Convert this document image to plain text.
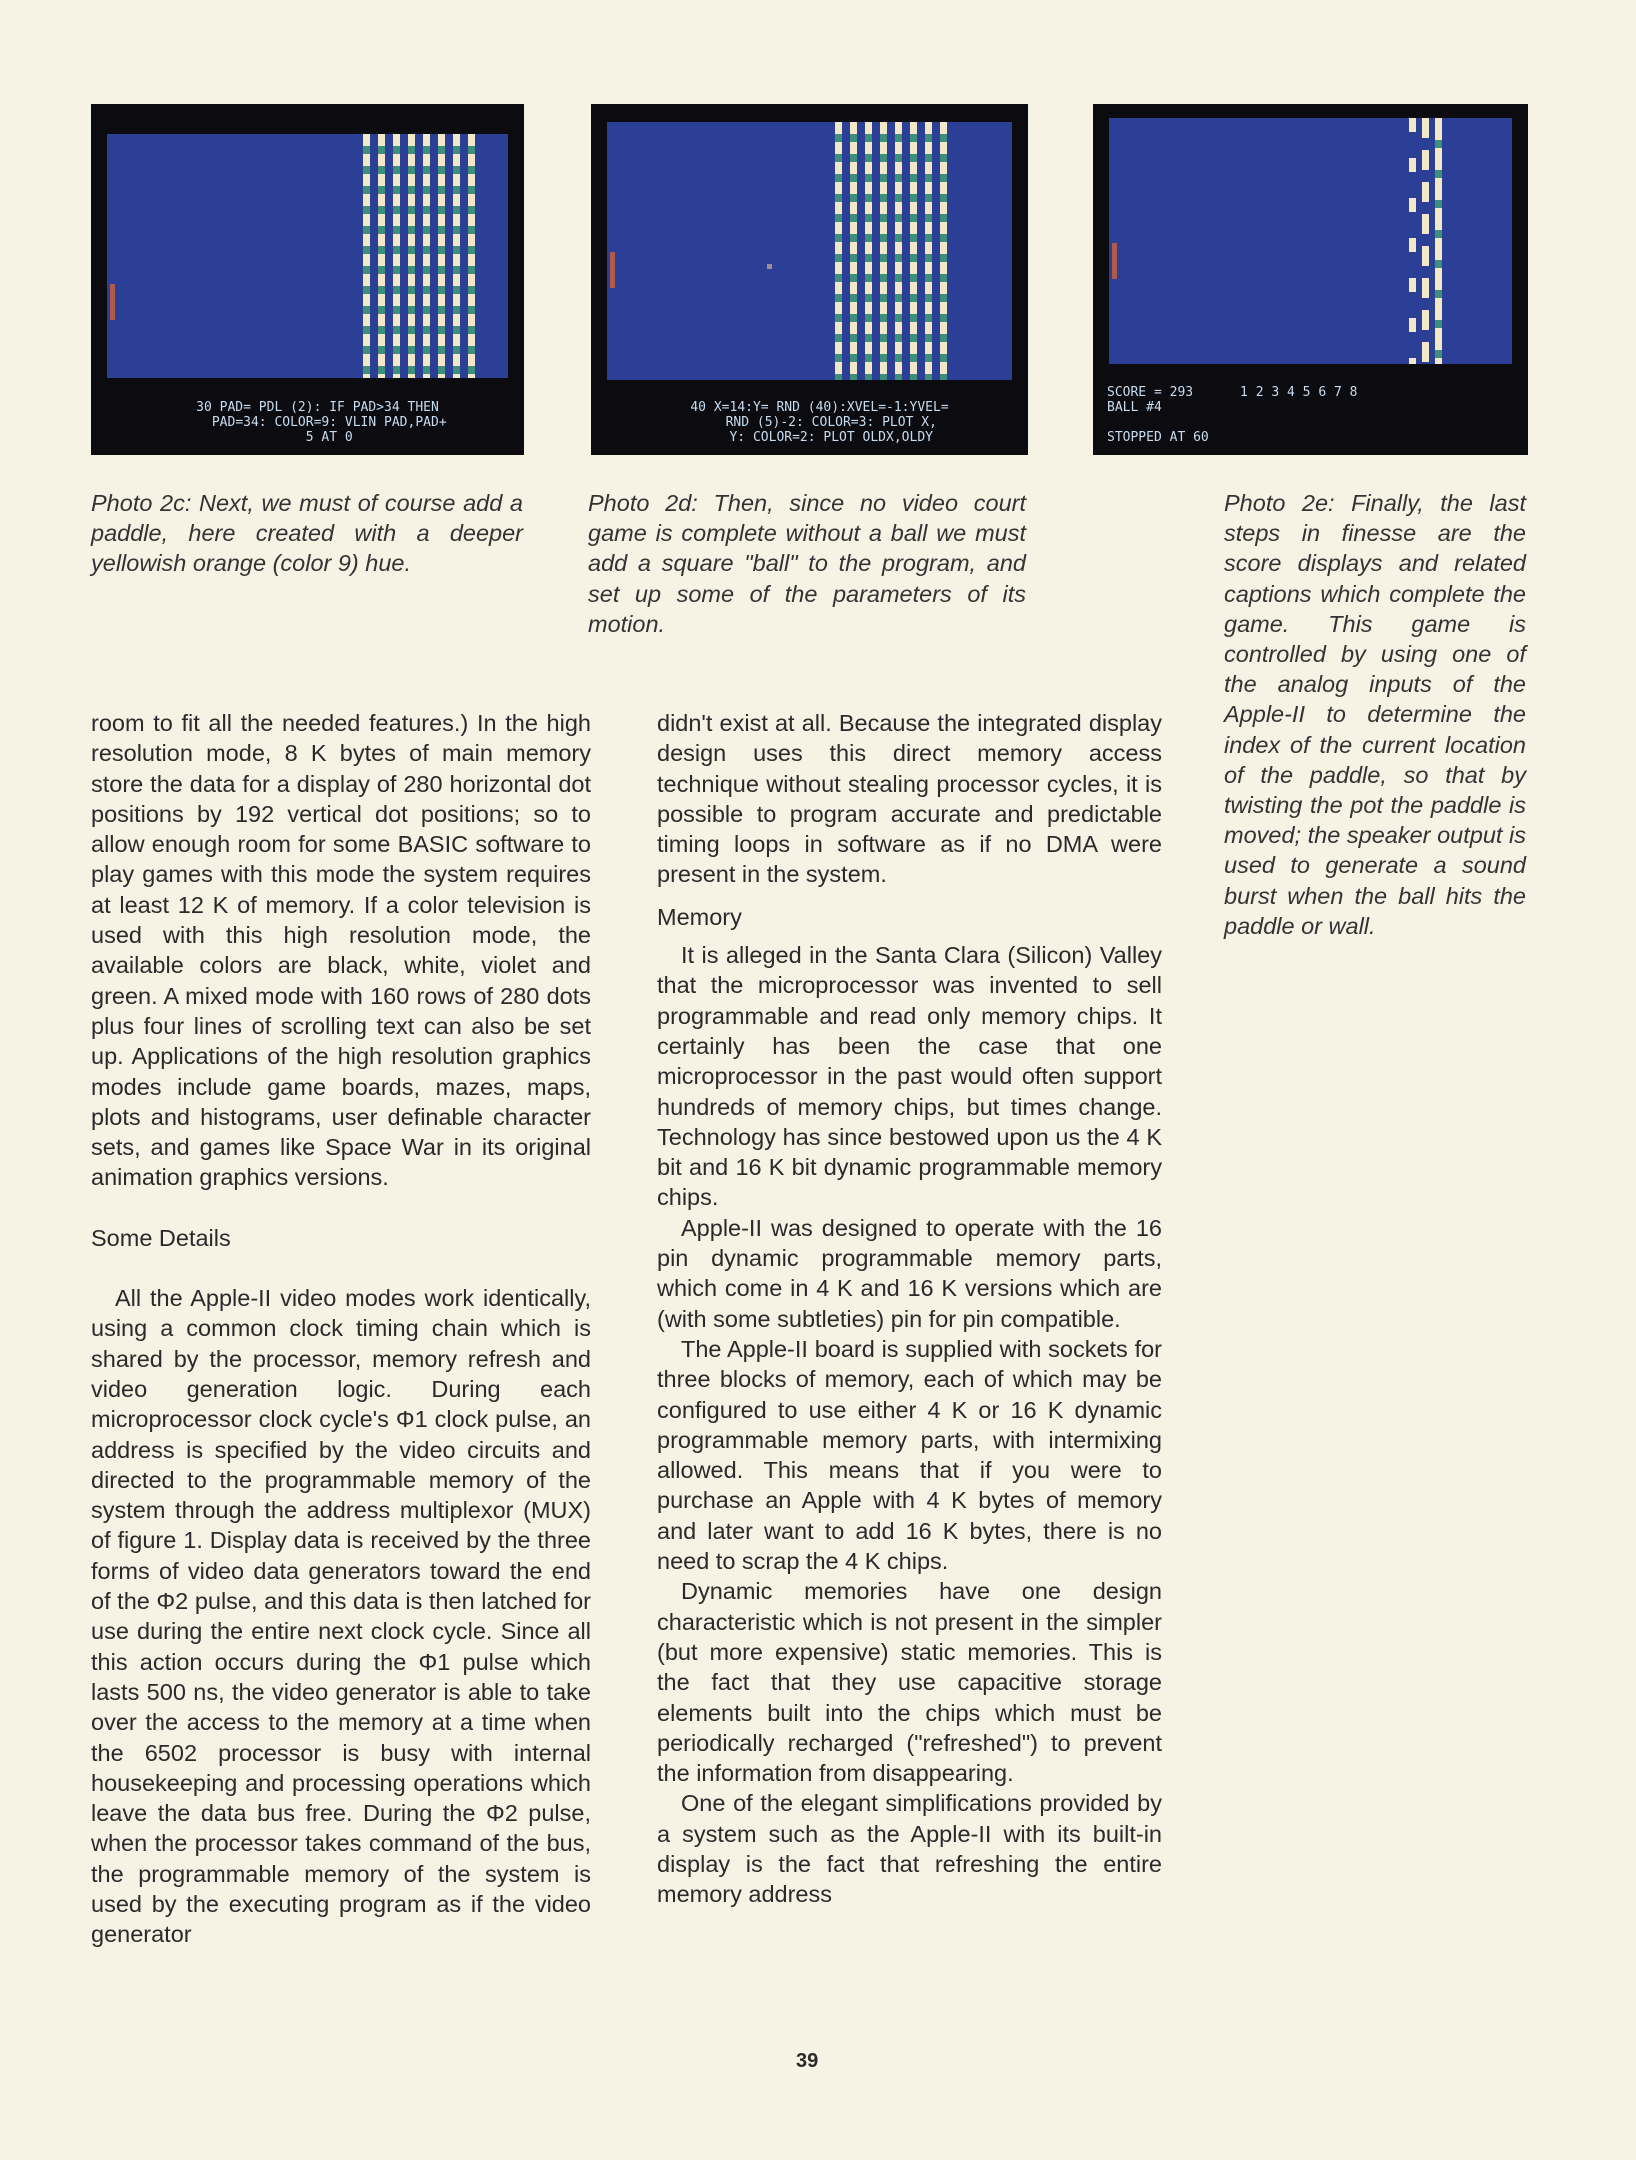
30 PAD= PDL (2): IF PAD>34 THEN
PAD=34: COLOR=9: VLIN PAD,PAD+
5 AT 0
40 X=14:Y= RND (40):XVEL=-1:YVEL=
RND (5)-2: COLOR=3: PLOT X,
Y: COLOR=2: PLOT OLDX,OLDY
SCORE = 293      1 2 3 4 5 6 7 8
BALL #4

STOPPED AT 60
Photo 2c: Next, we must of course add a paddle, here created with a deeper yellowish orange (color 9) hue.
Photo 2d: Then, since no video court game is complete without a ball we must add a square "ball" to the program, and set up some of the parameters of its motion.
Photo 2e: Finally, the last steps in finesse are the score displays and related captions which complete the game. This game is controlled by using one of the analog inputs of the Apple-II to determine the index of the current location of the paddle, so that by twisting the pot the paddle is moved; the speaker output is used to generate a sound burst when the ball hits the paddle or wall.

room to fit all the needed features.) In the high resolution mode, 8 K bytes of main memory store the data for a display of 280 horizontal dot positions by 192 vertical dot positions; so to allow enough room for some BASIC software to play games with this mode the system requires at least 12 K of memory. If a color television is used with this high resolution mode, the available colors are black, white, violet and green. A mixed mode with 160 rows of 280 dots plus four lines of scrolling text can also be set up. Applications of the high resolution graphics modes include game boards, mazes, maps, plots and histograms, user definable character sets, and games like Space War in its original animation graphics versions.

Some Details

All the Apple-II video modes work identically, using a common clock timing chain which is shared by the processor, memory refresh and video generation logic. During each microprocessor clock cycle's Φ1 clock pulse, an address is specified by the video circuits and directed to the programmable memory of the system through the address multiplexor (MUX) of figure 1. Display data is received by the three forms of video data generators toward the end of the Φ2 pulse, and this data is then latched for use during the entire next clock cycle. Since all this action occurs during the Φ1 pulse which lasts 500 ns, the video generator is able to take over the access to the memory at a time when the 6502 processor is busy with internal housekeeping and processing operations which leave the data bus free. During the Φ2 pulse, when the processor takes command of the bus, the programmable memory of the system is used by the executing program as if the video generator

didn't exist at all. Because the integrated display design uses this direct memory access technique without stealing processor cycles, it is possible to program accurate and predictable timing loops in software as if no DMA were present in the system.

Memory

It is alleged in the Santa Clara (Silicon) Valley that the microprocessor was invented to sell programmable and read only memory chips. It certainly has been the case that one microprocessor in the past would often support hundreds of memory chips, but times change. Technology has since bestowed upon us the 4 K bit and 16 K bit dynamic programmable memory chips.

Apple-II was designed to operate with the 16 pin dynamic programmable memory parts, which come in 4 K and 16 K versions which are (with some subtleties) pin for pin compatible.

The Apple-II board is supplied with sockets for three blocks of memory, each of which may be configured to use either 4 K or 16 K dynamic programmable memory parts, with intermixing allowed. This means that if you were to purchase an Apple with 4 K bytes of memory and later want to add 16 K bytes, there is no need to scrap the 4 K chips.

Dynamic memories have one design characteristic which is not present in the simpler (but more expensive) static memories. This is the fact that they use capacitive storage elements built into the chips which must be periodically recharged ("refreshed") to prevent the information from disappearing.

One of the elegant simplifications provided by a system such as the Apple-II with its built-in display is the fact that refreshing the entire memory address

39
